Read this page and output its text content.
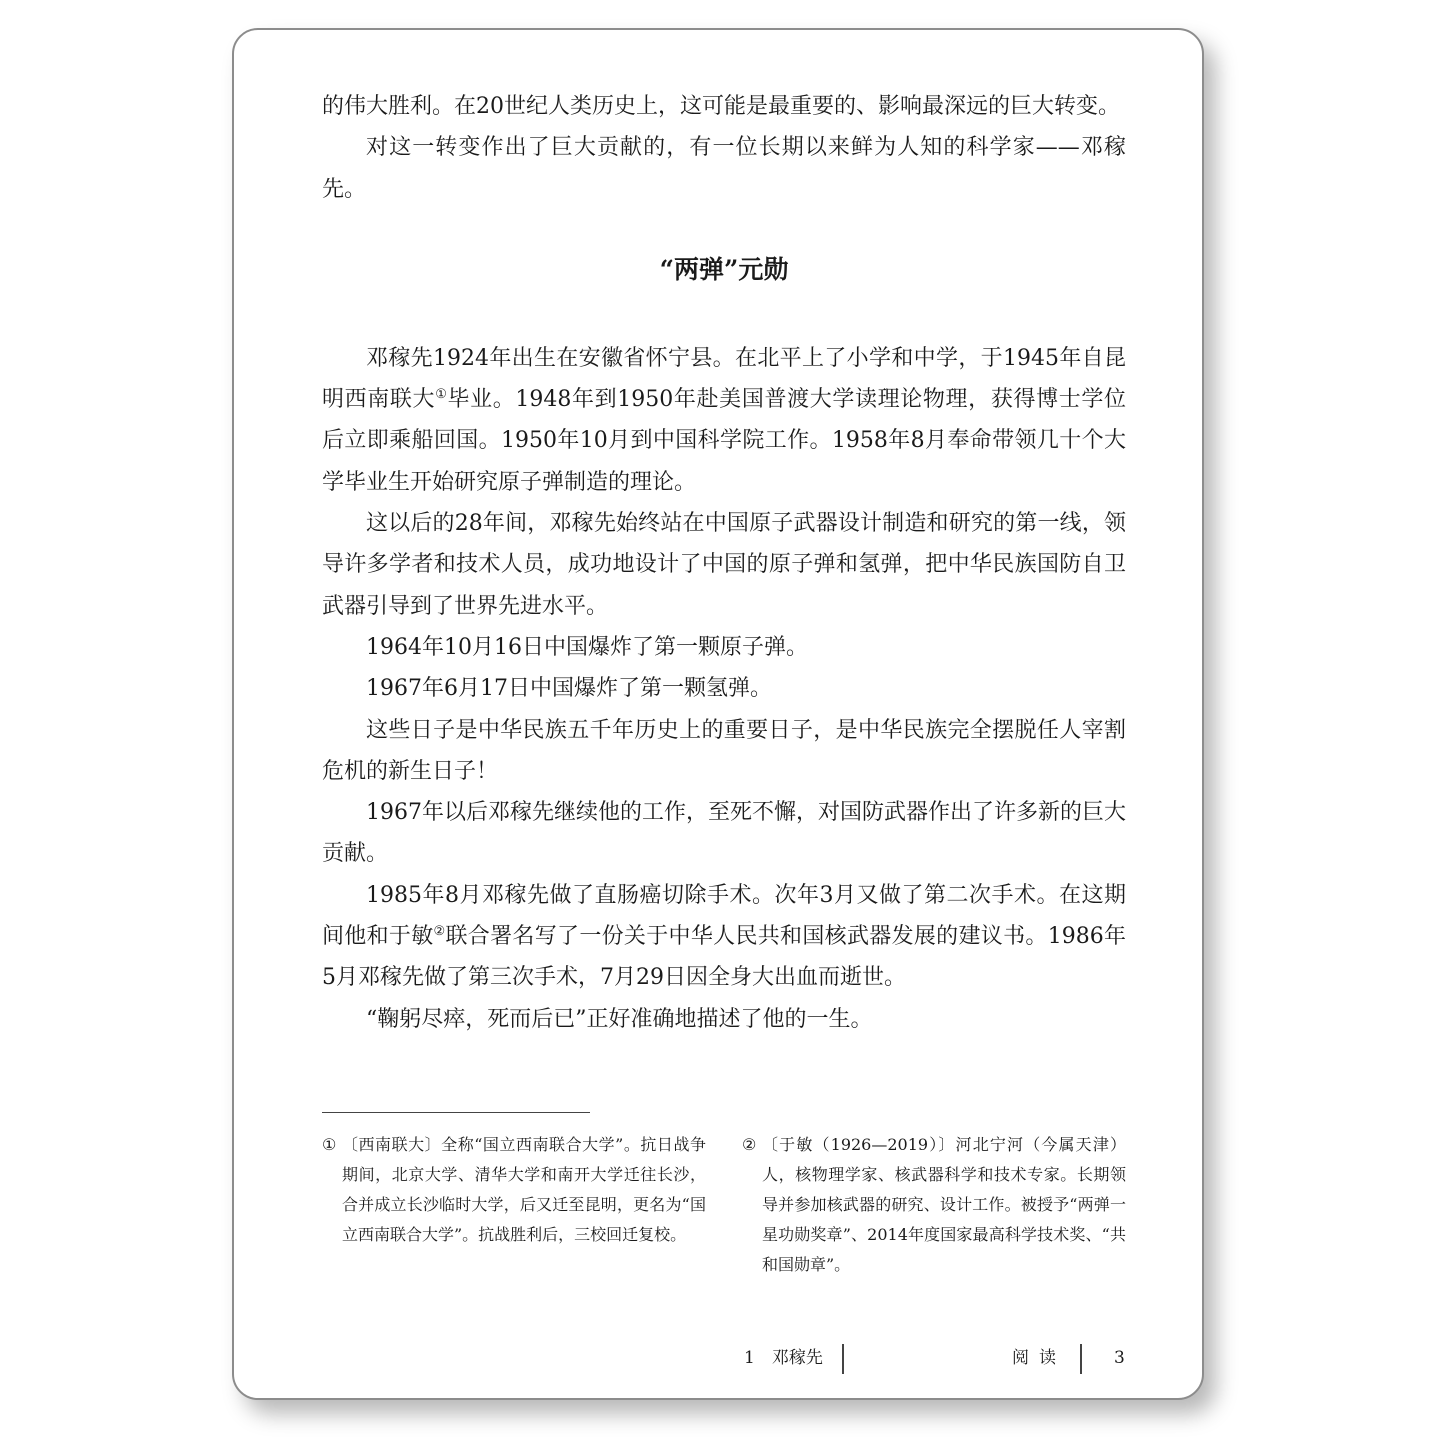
的伟大胜利。在20世纪人类历史上，这可能是最重要的、影响最深远的巨大转变。

对这一转变作出了巨大贡献的，有一位长期以来鲜为人知的科学家——邓稼先。

“两弹”元勋

邓稼先1924年出生在安徽省怀宁县。在北平上了小学和中学，于1945年自昆明西南联大①毕业。1948年到1950年赴美国普渡大学读理论物理，获得博士学位后立即乘船回国。1950年10月到中国科学院工作。1958年8月奉命带领几十个大学毕业生开始研究原子弹制造的理论。

这以后的28年间，邓稼先始终站在中国原子武器设计制造和研究的第一线，领导许多学者和技术人员，成功地设计了中国的原子弹和氢弹，把中华民族国防自卫武器引导到了世界先进水平。

1964年10月16日中国爆炸了第一颗原子弹。

1967年6月17日中国爆炸了第一颗氢弹。

这些日子是中华民族五千年历史上的重要日子，是中华民族完全摆脱任人宰割危机的新生日子！

1967年以后邓稼先继续他的工作，至死不懈，对国防武器作出了许多新的巨大贡献。

1985年8月邓稼先做了直肠癌切除手术。次年3月又做了第二次手术。在这期间他和于敏②联合署名写了一份关于中华人民共和国核武器发展的建议书。1986年5月邓稼先做了第三次手术，7月29日因全身大出血而逝世。

“鞠躬尽瘁，死而后已”正好准确地描述了他的一生。

① 〔西南联大〕全称“国立西南联合大学”。抗日战争期间，北京大学、清华大学和南开大学迁往长沙，合并成立长沙临时大学，后又迁至昆明，更名为“国立西南联合大学”。抗战胜利后，三校回迁复校。
② 〔于敏（1926—2019）〕河北宁河（今属天津）人，核物理学家、核武器科学和技术专家。长期领导并参加核武器的研究、设计工作。被授予“两弹一星功勋奖章”、2014年度国家最高科学技术奖、“共和国勋章”。
1　邓稼先	阅读	3
